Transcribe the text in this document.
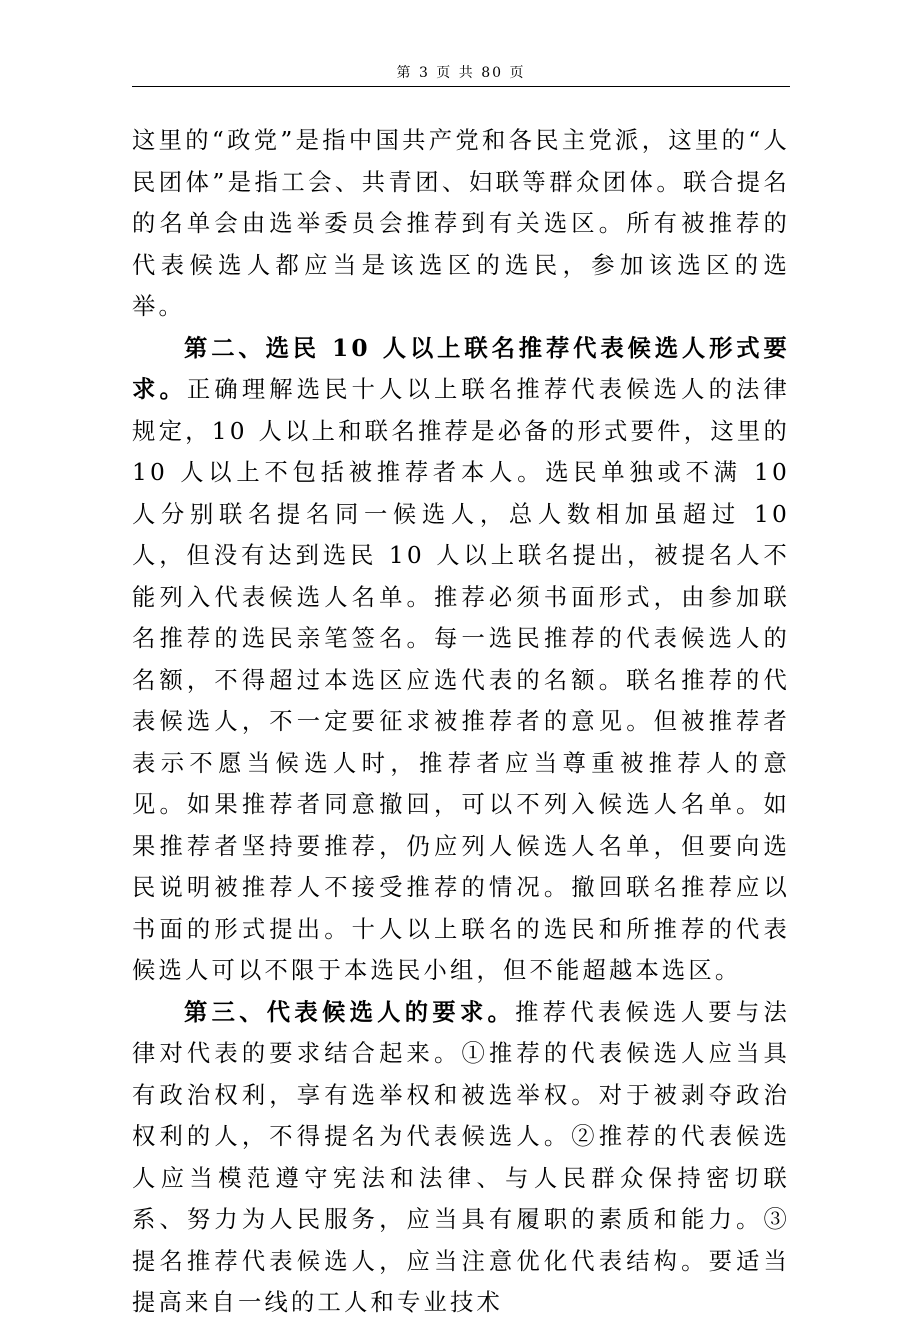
第 3 页 共 80 页

这里的“政党”是指中国共产党和各民主党派，这里的“人民团体”是指工会、共青团、妇联等群众团体。联合提名的名单会由选举委员会推荐到有关选区。所有被推荐的代表候选人都应当是该选区的选民，参加该选区的选举。

第二、选民 10 人以上联名推荐代表候选人形式要求。正确理解选民十人以上联名推荐代表候选人的法律规定，10 人以上和联名推荐是必备的形式要件，这里的 10 人以上不包括被推荐者本人。选民单独或不满 10 人分别联名提名同一候选人，总人数相加虽超过 10 人，但没有达到选民 10 人以上联名提出，被提名人不能列入代表候选人名单。推荐必须书面形式，由参加联名推荐的选民亲笔签名。每一选民推荐的代表候选人的名额，不得超过本选区应选代表的名额。联名推荐的代表候选人，不一定要征求被推荐者的意见。但被推荐者表示不愿当候选人时，推荐者应当尊重被推荐人的意见。如果推荐者同意撤回，可以不列入候选人名单。如果推荐者坚持要推荐，仍应列人候选人名单，但要向选民说明被推荐人不接受推荐的情况。撤回联名推荐应以书面的形式提出。十人以上联名的选民和所推荐的代表候选人可以不限于本选民小组，但不能超越本选区。

第三、代表候选人的要求。推荐代表候选人要与法律对代表的要求结合起来。①推荐的代表候选人应当具有政治权利，享有选举权和被选举权。对于被剥夺政治权利的人，不得提名为代表候选人。②推荐的代表候选人应当模范遵守宪法和法律、与人民群众保持密切联系、努力为人民服务，应当具有履职的素质和能力。③提名推荐代表候选人，应当注意优化代表结构。要适当提高来自一线的工人和专业技术
